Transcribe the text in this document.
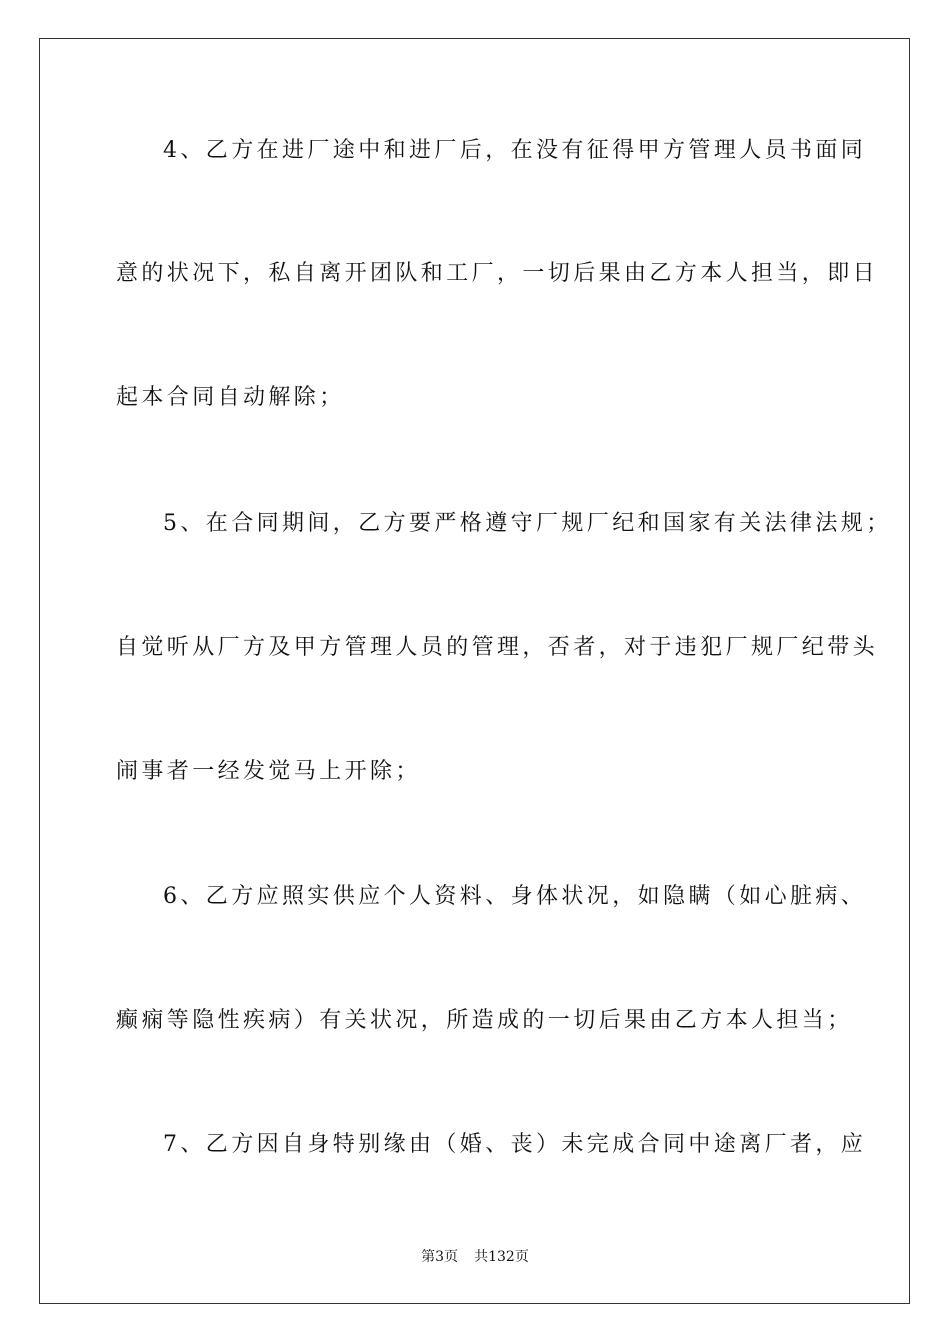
4、乙方在进厂途中和进厂后，在没有征得甲方管理人员书面同
意的状况下，私自离开团队和工厂，一切后果由乙方本人担当，即日
起本合同自动解除；
5、在合同期间，乙方要严格遵守厂规厂纪和国家有关法律法规；
自觉听从厂方及甲方管理人员的管理，否者，对于违犯厂规厂纪带头
闹事者一经发觉马上开除；
6、乙方应照实供应个人资料、身体状况，如隐瞒（如心脏病、
癫痫等隐性疾病）有关状况，所造成的一切后果由乙方本人担当；
7、乙方因自身特别缘由（婚、丧）未完成合同中途离厂者，应
第3页 共132页
